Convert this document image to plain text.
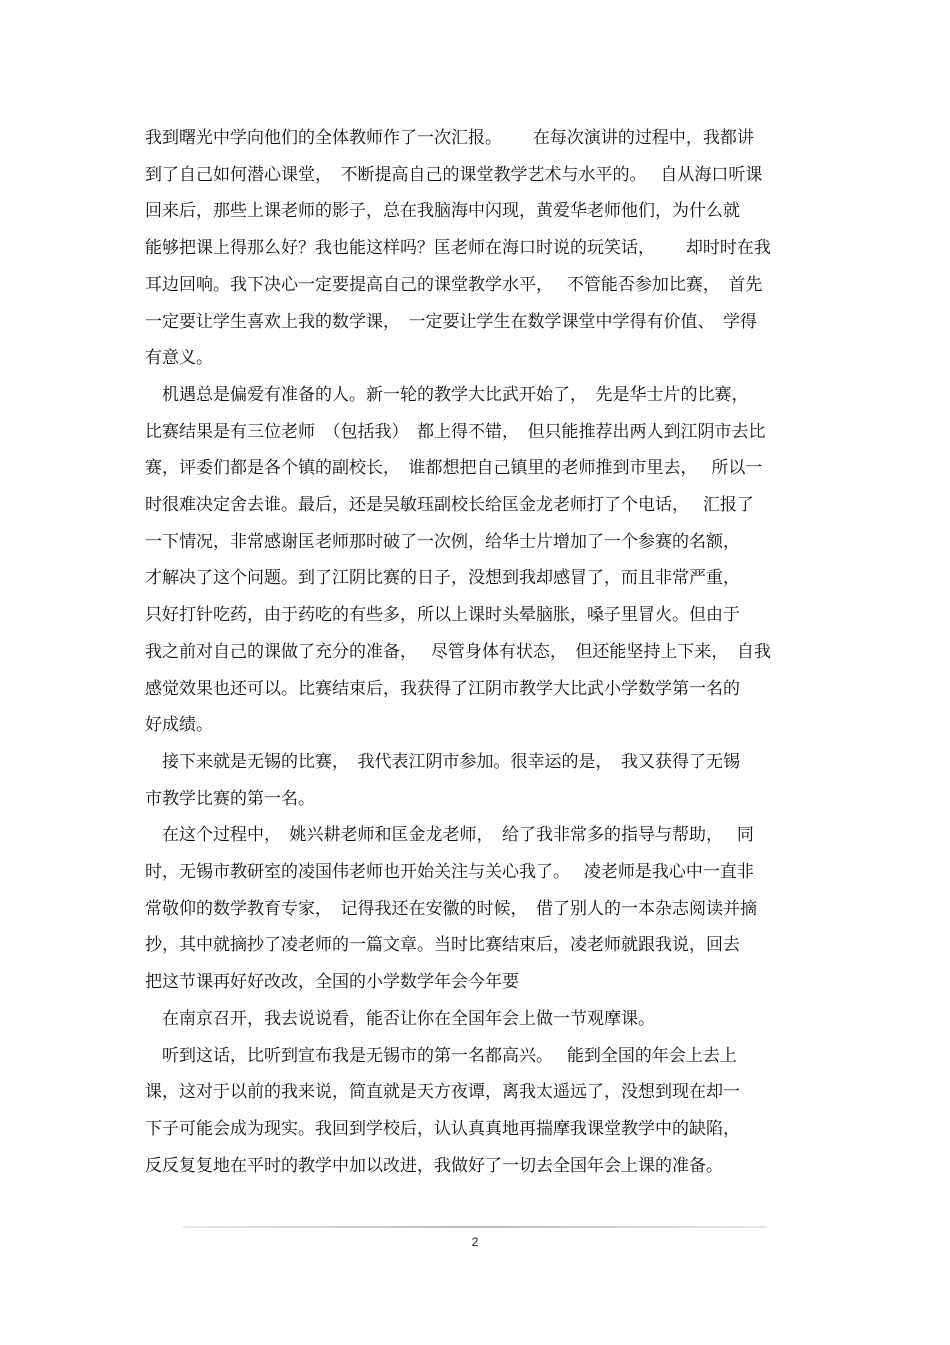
我到曙光中学向他们的全体教师作了一次汇报。　　 在每次演讲的过程中，我都讲
到了自己如何潜心课堂，　不断提高自己的课堂教学艺术与水平的。　 自从海口听课
回来后，那些上课老师的影子，总在我脑海中闪现，黄爱华老师他们，为什么就
能够把课上得那么好？我也能这样吗？匡老师在海口时说的玩笑话，　　 却时时在我
耳边回响。我下决心一定要提高自己的课堂教学水平，　 不管能否参加比赛，　首先
一定要让学生喜欢上我的数学课，　一定要让学生在数学课堂中学得有价值、　学得
有意义。
　机遇总是偏爱有准备的人。新一轮的教学大比武开始了，　先是华士片的比赛，
比赛结果是有三位老师　（包括我）　都上得不错，　但只能推荐出两人到江阴市去比
赛，评委们都是各个镇的副校长，　谁都想把自己镇里的老师推到市里去，　 所以一
时很难决定舍去谁。最后，还是吴敏珏副校长给匡金龙老师打了个电话，　 汇报了
一下情况，非常感谢匡老师那时破了一次例，给华士片增加了一个参赛的名额，
才解决了这个问题。到了江阴比赛的日子，没想到我却感冒了，而且非常严重，
只好打针吃药，由于药吃的有些多，所以上课时头晕脑胀，嗓子里冒火。但由于
我之前对自己的课做了充分的准备，　 尽管身体有状态，　但还能坚持上下来，　自我
感觉效果也还可以。比赛结束后，我获得了江阴市教学大比武小学数学第一名的
好成绩。
　接下来就是无锡的比赛，　我代表江阴市参加。很幸运的是，　我又获得了无锡
市教学比赛的第一名。
　在这个过程中，　姚兴耕老师和匡金龙老师，　给了我非常多的指导与帮助，　 同
时，无锡市教研室的凌国伟老师也开始关注与关心我了。　 凌老师是我心中一直非
常敬仰的数学教育专家，　记得我还在安徽的时候，　借了别人的一本杂志阅读并摘
抄，其中就摘抄了凌老师的一篇文章。当时比赛结束后，凌老师就跟我说，回去
把这节课再好好改改，全国的小学数学年会今年要
　在南京召开，我去说说看，能否让你在全国年会上做一节观摩课。
　听到这话，比听到宣布我是无锡市的第一名都高兴。　 能到全国的年会上去上
课，这对于以前的我来说，简直就是天方夜谭，离我太遥远了，没想到现在却一
下子可能会成为现实。我回到学校后，认认真真地再揣摩我课堂教学中的缺陷，
反反复复地在平时的教学中加以改进，我做好了一切去全国年会上课的准备。
2
